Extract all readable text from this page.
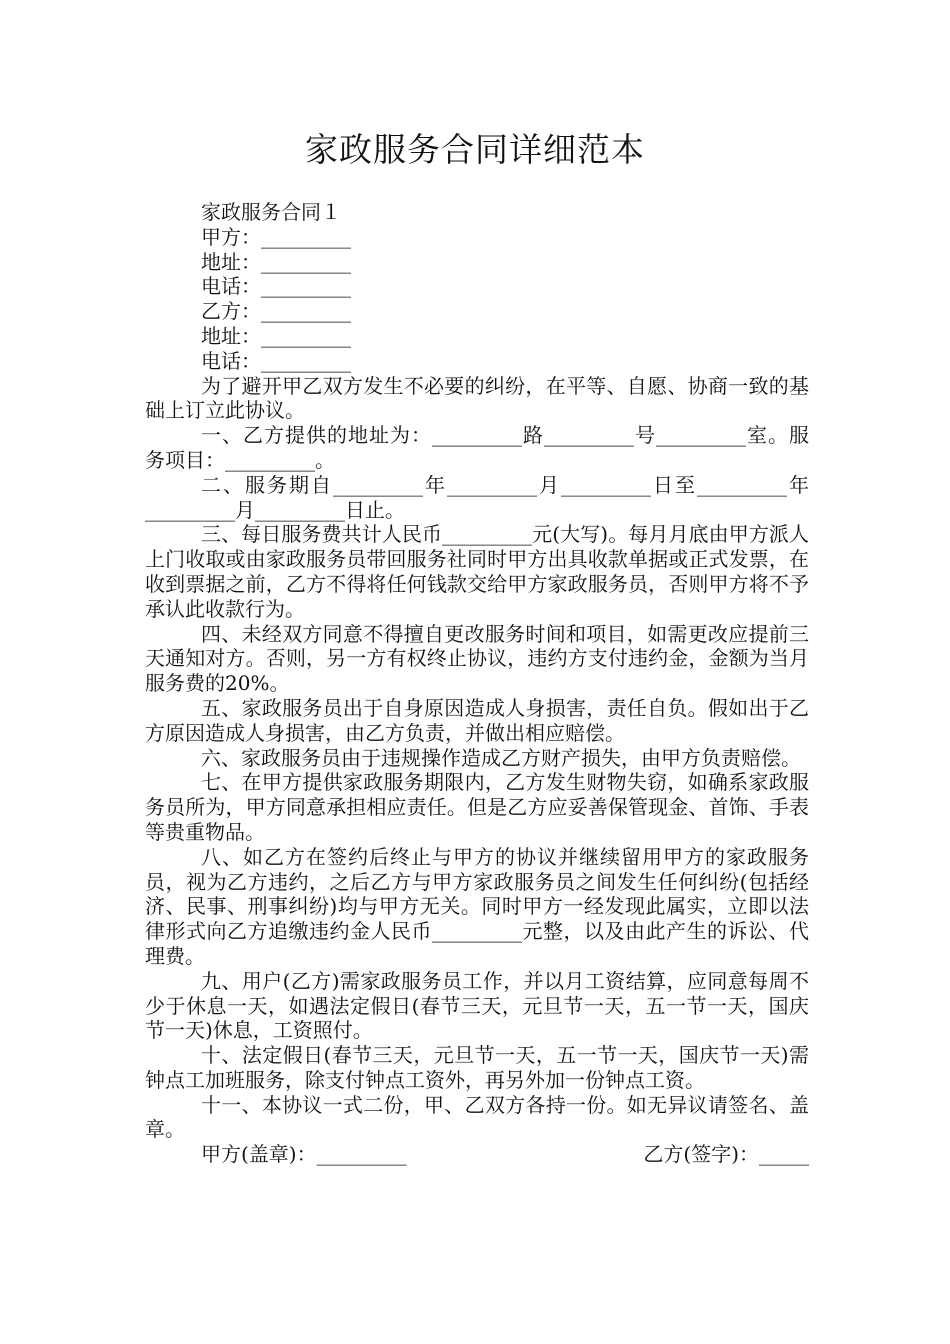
家政服务合同详细范本
家政服务合同１
甲方：_________
地址：_________
电话：_________
乙方：_________
地址：_________
电话：_________

为了避开甲乙双方发生不必要的纠纷，在平等、自愿、协商一致的基础上订立此协议。

一、乙方提供的地址为：_________路_________号_________室。服务项目：_________。

二、服务期自_________年_________月_________日至_________年_________月_________日止。

三、每日服务费共计人民币_________元(大写)。每月月底由甲方派人上门收取或由家政服务员带回服务社同时甲方出具收款单据或正式发票，在收到票据之前，乙方不得将任何钱款交给甲方家政服务员，否则甲方将不予承认此收款行为。

四、未经双方同意不得擅自更改服务时间和项目，如需更改应提前三天通知对方。否则，另一方有权终止协议，违约方支付违约金，金额为当月服务费的20%。

五、家政服务员出于自身原因造成人身损害，责任自负。假如出于乙方原因造成人身损害，由乙方负责，并做出相应赔偿。

六、家政服务员由于违规操作造成乙方财产损失，由甲方负责赔偿。

七、在甲方提供家政服务期限内，乙方发生财物失窃，如确系家政服务员所为，甲方同意承担相应责任。但是乙方应妥善保管现金、首饰、手表等贵重物品。

八、如乙方在签约后终止与甲方的协议并继续留用甲方的家政服务员，视为乙方违约，之后乙方与甲方家政服务员之间发生任何纠纷(包括经济、民事、刑事纠纷)均与甲方无关。同时甲方一经发现此属实，立即以法律形式向乙方追缴违约金人民币_________元整，以及由此产生的诉讼、代理费。

九、用户(乙方)需家政服务员工作，并以月工资结算，应同意每周不少于休息一天，如遇法定假日(春节三天，元旦节一天，五一节一天，国庆节一天)休息，工资照付。

十、法定假日(春节三天，元旦节一天，五一节一天，国庆节一天)需钟点工加班服务，除支付钟点工资外，再另外加一份钟点工资。

十一、本协议一式二份，甲、乙双方各持一份。如无异议请签名、盖章。

甲方(盖章)：_________

	乙方(签字)：_____
